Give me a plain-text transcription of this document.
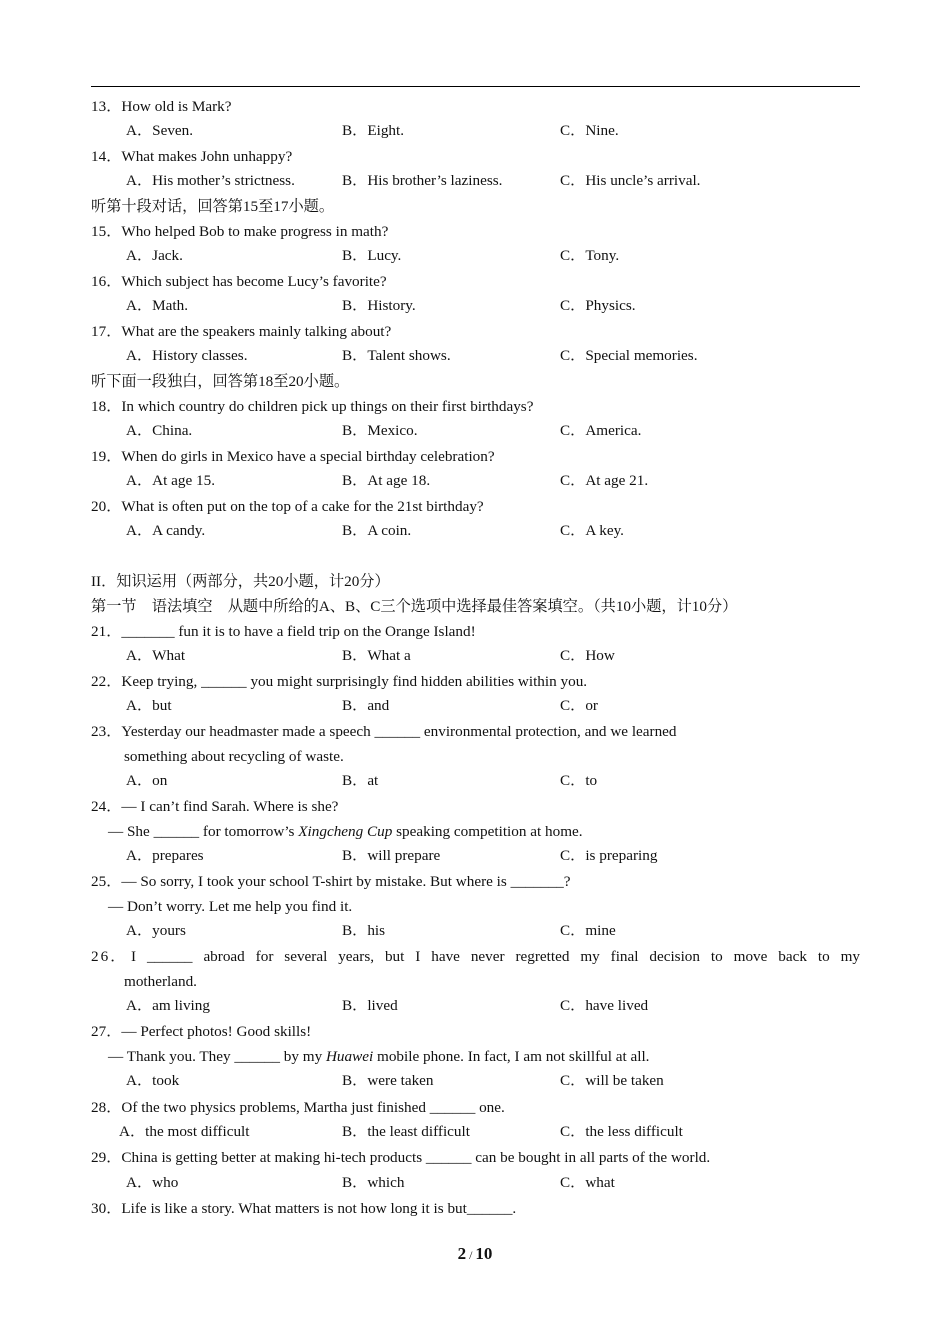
13．How old is Mark?
A．Seven.	B．Eight.	C．Nine.
14．What makes John unhappy?
A．His mother’s strictness.	B．His brother’s laziness.	C．His uncle’s arrival.
听第十段对话，回答第15至17小题。
15．Who helped Bob to make progress in math?
A．Jack.	B．Lucy.	C．Tony.
16．Which subject has become Lucy’s favorite?
A．Math.	B．History.	C．Physics.
17．What are the speakers mainly talking about?
A．History classes.	B．Talent shows.	C．Special memories.
听下面一段独白，回答第18至20小题。
18．In which country do children pick up things on their first birthdays?
A．China.	B．Mexico.	C．America.
19．When do girls in Mexico have a special birthday celebration?
A．At age 15.	B．At age 18.	C．At age 21.
20．What is often put on the top of a cake for the 21st birthday?
A．A candy.	B．A coin.	C．A key.
II．知识运用（两部分，共20小题，计20分）
第一节　语法填空　从题中所给的A、B、C三个选项中选择最佳答案填空。（共10小题，计10分）
21．_______ fun it is to have a field trip on the Orange Island!
A．What	B．What a	C．How
22．Keep trying, ______ you might surprisingly find hidden abilities within you.
A．but	B．and	C．or
23．Yesterday our headmaster made a speech ______ environmental protection, and we learned
something about recycling of waste.
A．on	B．at	C．to
24．— I can’t find Sarah. Where is she?
— She ______ for tomorrow’s Xingcheng Cup speaking competition at home.
A．prepares	B．will prepare	C．is preparing
25．— So sorry, I took your school T-shirt by mistake. But where is _______?
— Don’t worry. Let me help you find it.
A．yours	B．his	C．mine
26． I ______ abroad for several years, but I have never regretted my final decision to move back to my
motherland.
A．am living	B．lived	C．have lived
27．— Perfect photos! Good skills!
— Thank you. They ______ by my Huawei mobile phone. In fact, I am not skillful at all.
A．took	B．were taken	C．will be taken
28．Of the two physics problems, Martha just finished ______ one.
A．the most difficult	B．the least difficult	C．the less difficult
29．China is getting better at making hi-tech products ______ can be bought in all parts of the world.
A．who	B．which	C．what
30．Life is like a story. What matters is not how long it is but______.
2 / 10
